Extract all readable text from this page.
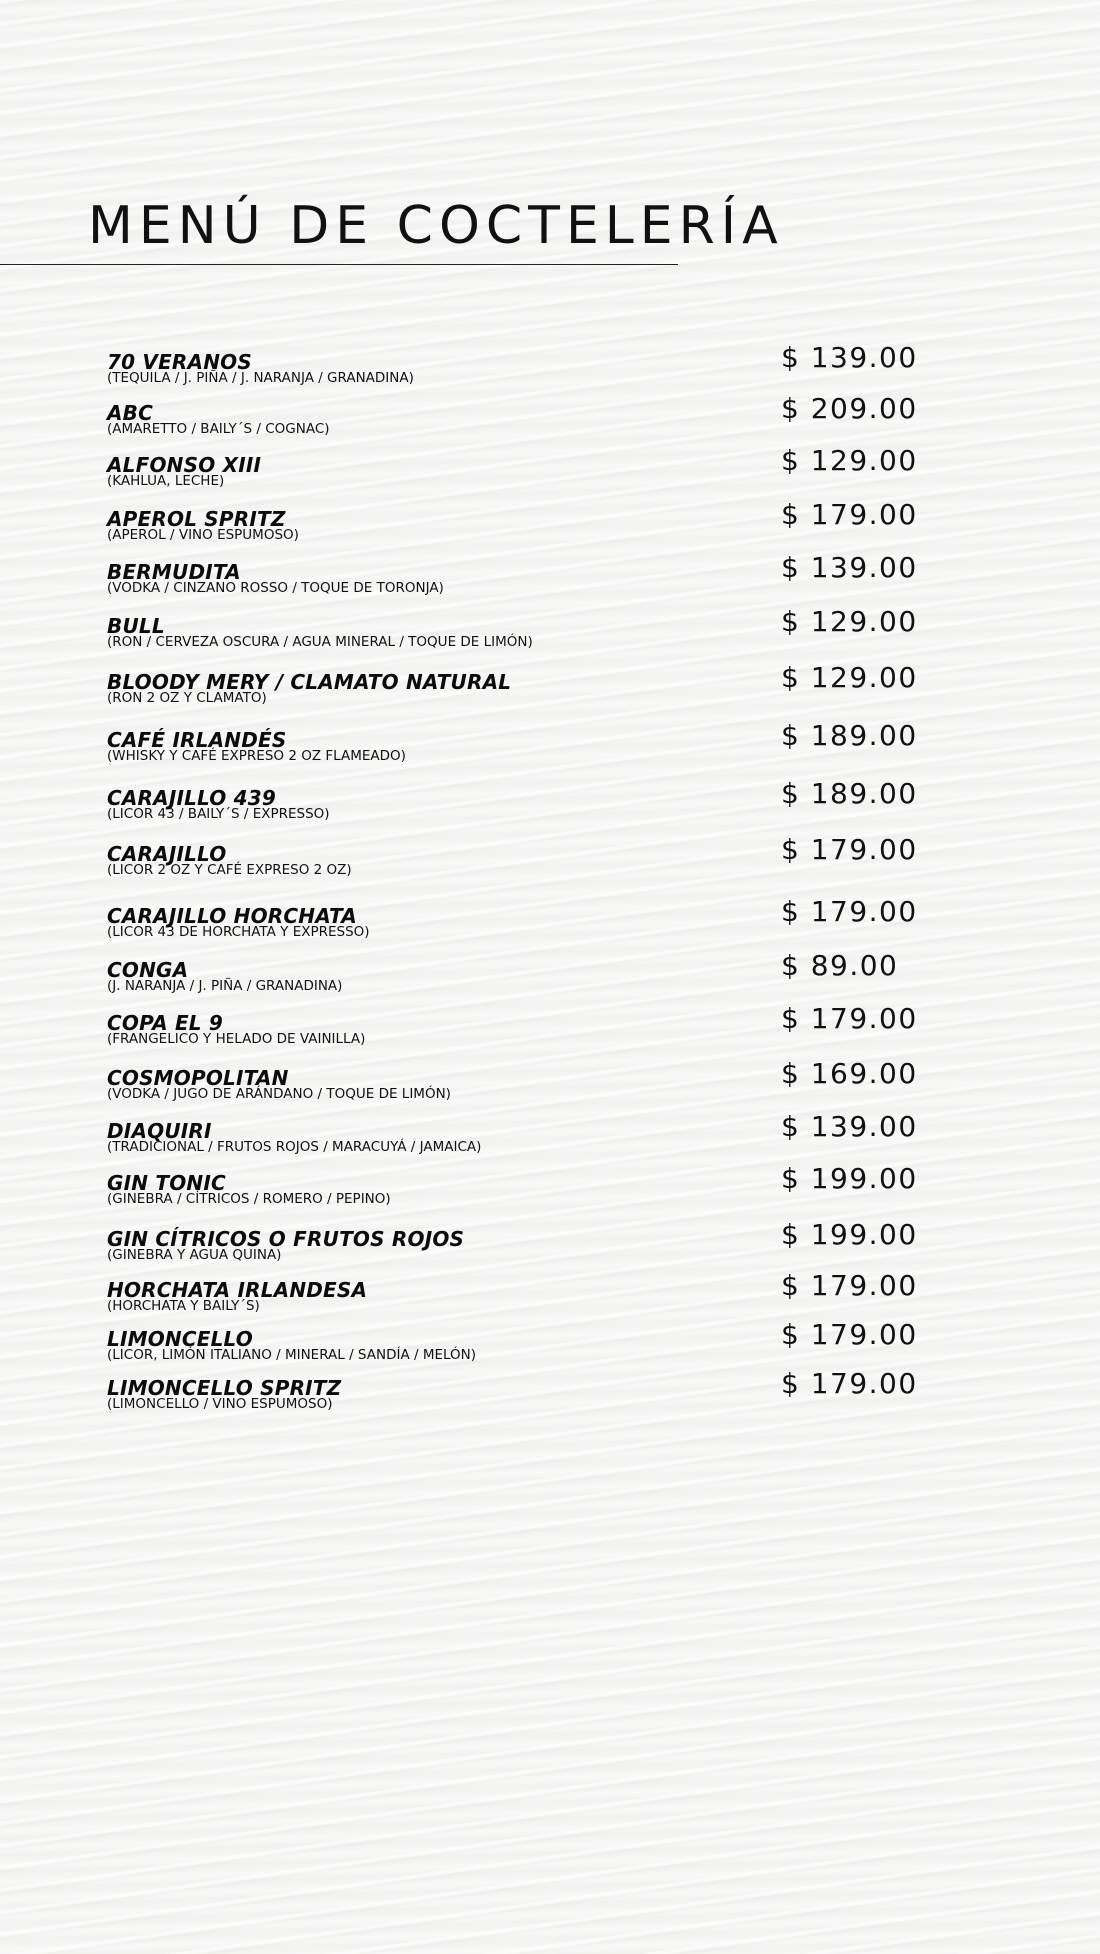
MENÚ DE COCTELERÍA

70 VERANOS

(TEQUILA / J. PIÑA / J. NARANJA / GRANADINA)

$ 139.00

ABC

(AMARETTO / BAILY´S / COGNAC)

$ 209.00

ALFONSO XIII

(KAHLUA, LECHE)

$ 129.00

APEROL SPRITZ

(APEROL / VINO ESPUMOSO)

$ 179.00

BERMUDITA

(VODKA / CINZANO ROSSO / TOQUE DE TORONJA)

$ 139.00

BULL

(RON / CERVEZA OSCURA / AGUA MINERAL / TOQUE DE LIMÓN)

$ 129.00

BLOODY MERY / CLAMATO NATURAL

(RON 2 OZ Y CLAMATO)

$ 129.00

CAFÉ IRLANDÉS

(WHISKY Y CAFÉ EXPRESO 2 OZ FLAMEADO)

$ 189.00

CARAJILLO 439

(LICOR 43 / BAILY´S / EXPRESSO)

$ 189.00

CARAJILLO

(LICOR 2 OZ Y CAFÉ EXPRESO 2 OZ)

$ 179.00

CARAJILLO HORCHATA

(LICOR 43 DE HORCHATA Y EXPRESSO)

$ 179.00

CONGA

(J. NARANJA / J. PIÑA / GRANADINA)

$ 89.00

COPA EL 9

(FRANGELICO Y HELADO DE VAINILLA)

$ 179.00

COSMOPOLITAN

(VODKA / JUGO DE ARÁNDANO / TOQUE DE LIMÓN)

$ 169.00

DIAQUIRI

(TRADICIONAL / FRUTOS ROJOS / MARACUYÁ / JAMAICA)

$ 139.00

GIN TONIC

(GINEBRA / CÍTRICOS / ROMERO / PEPINO)

$ 199.00

GIN CÍTRICOS O FRUTOS ROJOS

(GINEBRA Y AGUA QUINA)

$ 199.00

HORCHATA IRLANDESA

(HORCHATA Y BAILY´S)

$ 179.00

LIMONCELLO

(LICOR, LIMÓN ITALIANO / MINERAL / SANDÍA / MELÓN)

$ 179.00

LIMONCELLO SPRITZ

(LIMONCELLO / VINO ESPUMOSO)

$ 179.00
